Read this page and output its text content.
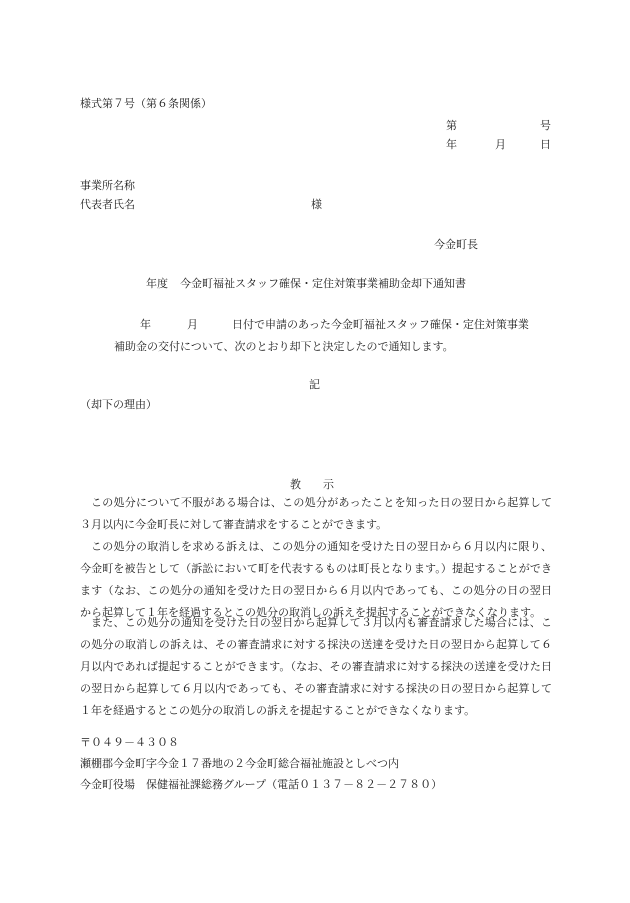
様式第７号（第６条関係）
第	号
年	月	日
事業所名称
代表者氏名	様
今金町長
年度 今金町福祉スタッフ確保・定住対策事業補助金却下通知書
年	月	日付で申請のあった今金町福祉スタッフ確保・定住対策事業
補助金の交付について、次のとおり却下と決定したので通知します。
記
（却下の理由）
教　　示
この処分について不服がある場合は、この処分があったことを知った日の翌日から起算して３月以内に今金町長に対して審査請求をすることができます。
この処分の取消しを求める訴えは、この処分の通知を受けた日の翌日から６月以内に限り、今金町を被告として（訴訟において町を代表するものは町長となります。）提起することができます（なお、この処分の通知を受けた日の翌日から６月以内であっても、この処分の日の翌日から起算して１年を経過するとこの処分の取消しの訴えを提起することができなくなります。
また、この処分の通知を受けた日の翌日から起算して３月以内も審査請求した場合には、この処分の取消しの訴えは、その審査請求に対する採決の送達を受けた日の翌日から起算して６月以内であれば提起することができます。（なお、その審査請求に対する採決の送達を受けた日の翌日から起算して６月以内であっても、その審査請求に対する採決の日の翌日から起算して１年を経過するとこの処分の取消しの訴えを提起することができなくなります。
〒０４９－４３０８
瀬棚郡今金町字今金１７番地の２今金町総合福祉施設としべつ内
今金町役場　保健福祉課総務グループ（電話０１３７－８２－２７８０）
